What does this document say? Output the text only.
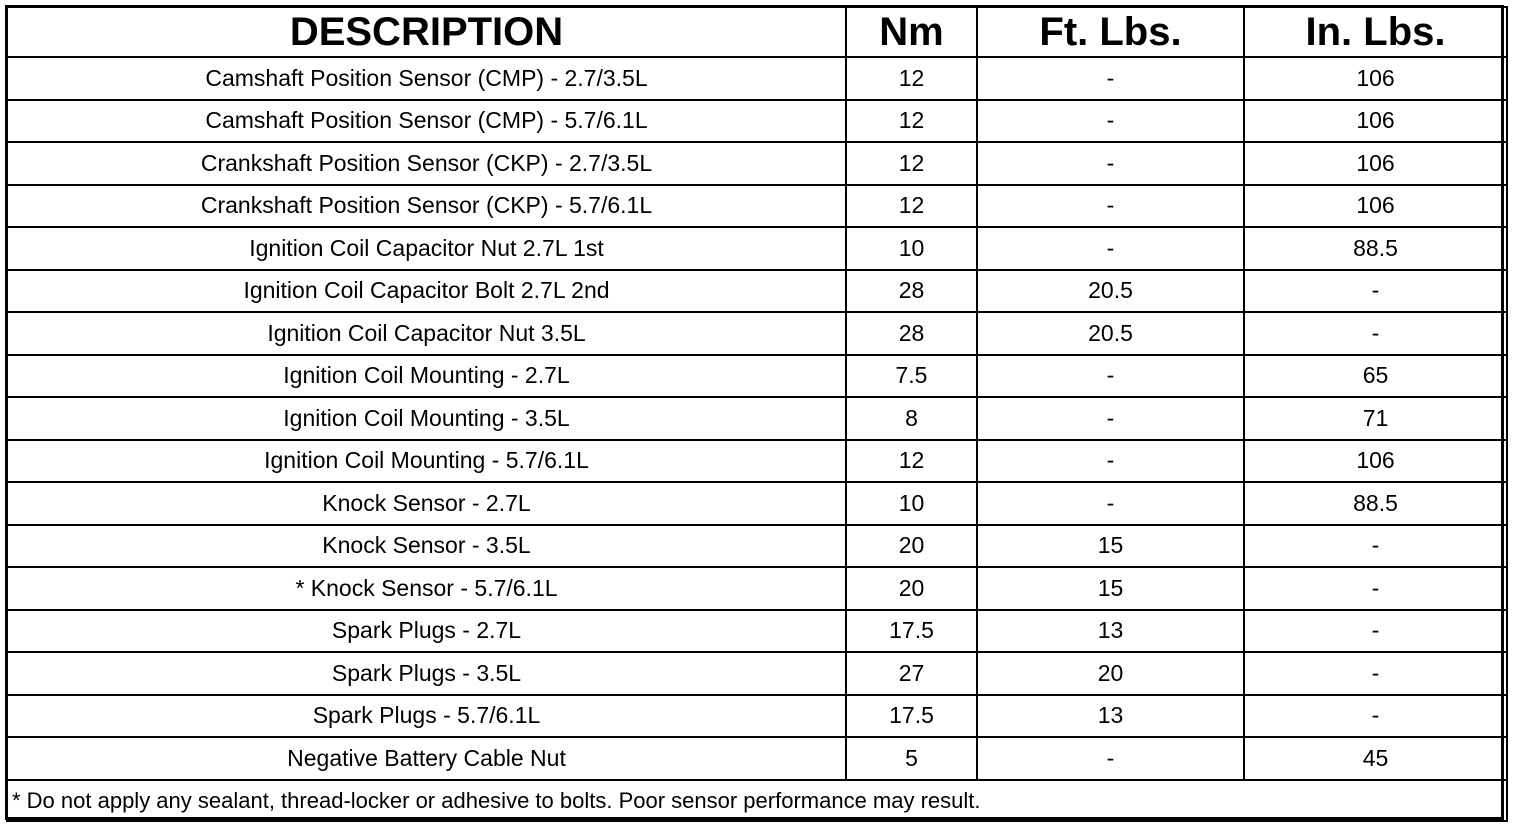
DESCRIPTION	Nm	Ft. Lbs.	In. Lbs.
Camshaft Position Sensor (CMP) - 2.7/3.5L	12	-	106
Camshaft Position Sensor (CMP) - 5.7/6.1L	12	-	106
Crankshaft Position Sensor (CKP) - 2.7/3.5L	12	-	106
Crankshaft Position Sensor (CKP) - 5.7/6.1L	12	-	106
Ignition Coil Capacitor Nut 2.7L 1st	10	-	88.5
Ignition Coil Capacitor Bolt 2.7L 2nd	28	20.5	-
Ignition Coil Capacitor Nut 3.5L	28	20.5	-
Ignition Coil Mounting - 2.7L	7.5	-	65
Ignition Coil Mounting - 3.5L	8	-	71
Ignition Coil Mounting - 5.7/6.1L	12	-	106
Knock Sensor - 2.7L	10	-	88.5
Knock Sensor - 3.5L	20	15	-
* Knock Sensor - 5.7/6.1L	20	15	-
Spark Plugs - 2.7L	17.5	13	-
Spark Plugs - 3.5L	27	20	-
Spark Plugs - 5.7/6.1L	17.5	13	-
Negative Battery Cable Nut	5	-	45
* Do not apply any sealant, thread-locker or adhesive to bolts. Poor sensor performance may result.			
